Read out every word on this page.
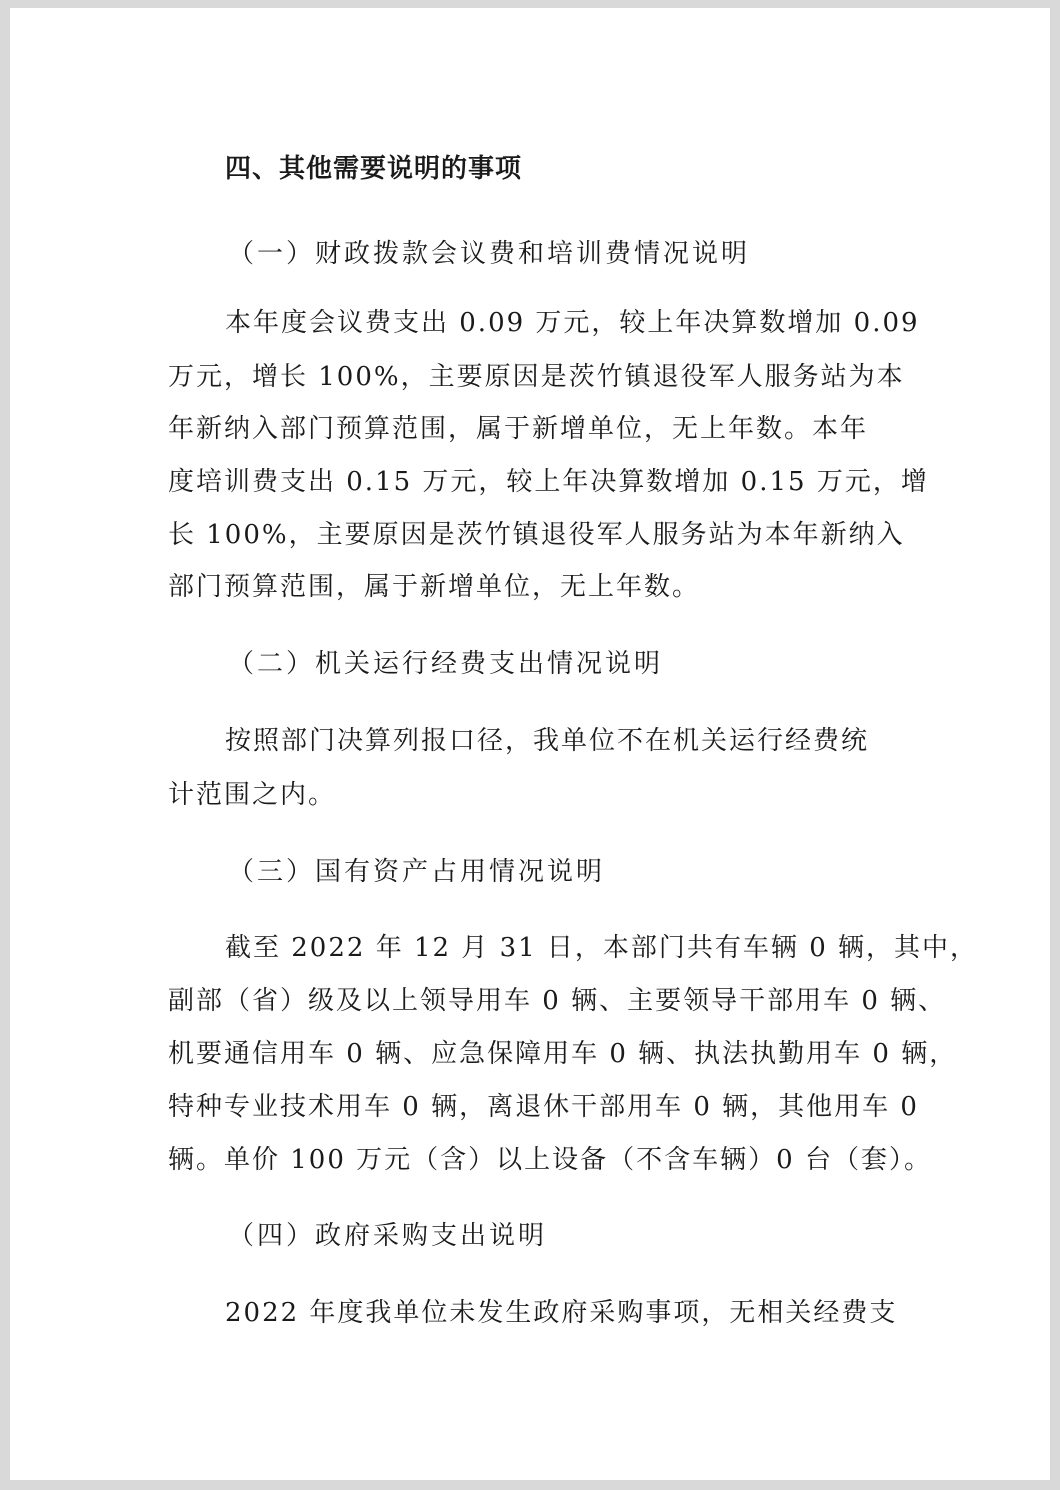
四、其他需要说明的事项
（一）财政拨款会议费和培训费情况说明
本年度会议费支出 0.09 万元，较上年决算数增加 0.09
万元，增长 100%，主要原因是茨竹镇退役军人服务站为本
年新纳入部门预算范围，属于新增单位，无上年数。本年
度培训费支出 0.15 万元，较上年决算数增加 0.15 万元，增
长 100%，主要原因是茨竹镇退役军人服务站为本年新纳入
部门预算范围，属于新增单位，无上年数。
（二）机关运行经费支出情况说明
按照部门决算列报口径，我单位不在机关运行经费统
计范围之内。
（三）国有资产占用情况说明
截至 2022 年 12 月 31 日，本部门共有车辆 0 辆，其中，
副部（省）级及以上领导用车 0 辆、主要领导干部用车 0 辆、
机要通信用车 0 辆、应急保障用车 0 辆、执法执勤用车 0 辆，
特种专业技术用车 0 辆，离退休干部用车 0 辆，其他用车 0
辆。单价 100 万元（含）以上设备（不含车辆）0 台（套）。
（四）政府采购支出说明
2022 年度我单位未发生政府采购事项，无相关经费支
